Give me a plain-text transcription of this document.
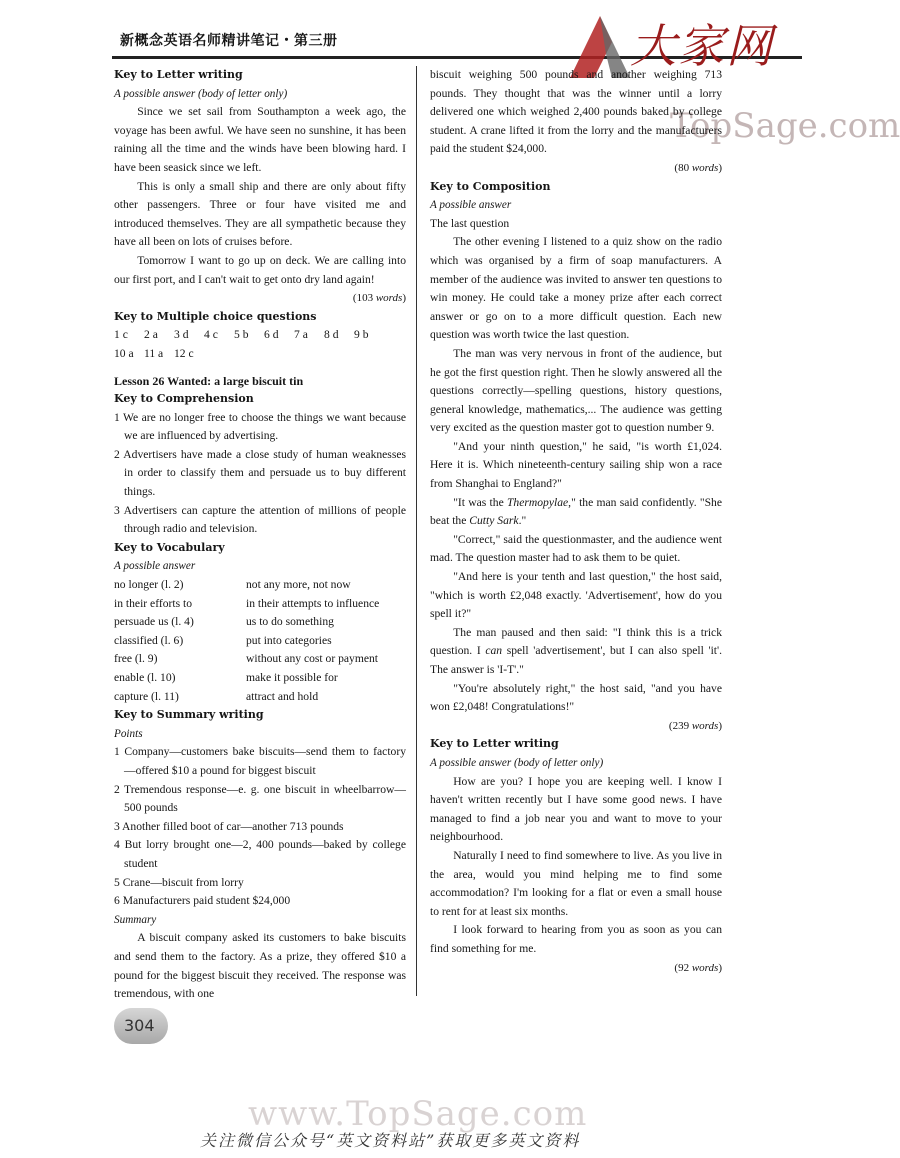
新概念英语名师精讲笔记・第三册	大家网
TopSage.com
Key to Letter writing
A possible answer (body of letter only)
Since we set sail from Southampton a week ago, the voyage has been awful. We have seen no sunshine, it has been raining all the time and the winds have been blowing hard. I have been seasick since we left.
This is only a small ship and there are only about fifty other passengers. Three or four have visited me and introduced themselves. They are all sympathetic because they have all been on lots of cruises before.
Tomorrow I want to go up on deck. We are calling into our first port, and I can't wait to get onto dry land again!
(103 words)
Key to Multiple choice questions
1 c 2 a 3 d 4 c 5 b 6 d 7 a 8 d 9 b
10 a 11 a 12 c
Lesson 26 Wanted: a large biscuit tin
Key to Comprehension
1 We are no longer free to choose the things we want because we are influenced by advertising.
2 Advertisers have made a close study of human weaknesses in order to classify them and persuade us to buy different things.
3 Advertisers can capture the attention of millions of people through radio and television.
Key to Vocabulary
A possible answer
no longer (l. 2)	not any more, not now
in their efforts to	in their attempts to influence
persuade us (l. 4)	us to do something
classified (l. 6)	put into categories
free (l. 9)	without any cost or payment
enable (l. 10)	make it possible for
capture (l. 11)	attract and hold
Key to Summary writing
Points
1 Company—customers bake biscuits—send them to factory—offered $10 a pound for biggest biscuit
2 Tremendous response—e. g. one biscuit in wheelbarrow—500 pounds
3 Another filled boot of car—another 713 pounds
4 But lorry brought one—2, 400 pounds—baked by college student
5 Crane—biscuit from lorry
6 Manufacturers paid student $24,000
Summary
A biscuit company asked its customers to bake biscuits and send them to the factory. As a prize, they offered $10 a pound for the biggest biscuit they received. The response was tremendous, with one
biscuit weighing 500 pounds and another weighing 713 pounds. They thought that was the winner until a lorry delivered one which weighed 2,400 pounds baked by college student. A crane lifted it from the lorry and the manufacturers paid the student $24,000.
(80 words)
Key to Composition
A possible answer
The last question
The other evening I listened to a quiz show on the radio which was organised by a firm of soap manufacturers. A member of the audience was invited to answer ten questions to win money. He could take a money prize after each correct answer or go on to a more difficult question. Each new question was worth twice the last question.
The man was very nervous in front of the audience, but he got the first question right. Then he slowly answered all the questions correctly—spelling questions, history questions, general knowledge, mathematics,... The audience was getting very excited as the question master got to question number 9.
"And your ninth question," he said, "is worth £1,024. Here it is. Which nineteenth-century sailing ship won a race from Shanghai to England?"
"It was the Thermopylae," the man said confidently. "She beat the Cutty Sark."
"Correct," said the questionmaster, and the audience went mad. The question master had to ask them to be quiet.
"And here is your tenth and last question," the host said, "which is worth £2,048 exactly. 'Advertisement', how do you spell it?"
The man paused and then said: "I think this is a trick question. I can spell 'advertisement', but I can also spell 'it'. The answer is 'I-T'."
"You're absolutely right," the host said, "and you have won £2,048! Congratulations!"
(239 words)
Key to Letter writing
A possible answer (body of letter only)
How are you? I hope you are keeping well. I know I haven't written recently but I have some good news. I have managed to find a job near you and want to move to your neighbourhood.
Naturally I need to find somewhere to live. As you live in the area, would you mind helping me to find some accommodation? I'm looking for a flat or even a small house to rent for at least six months.
I look forward to hearing from you as soon as you can find something for me.
(92 words)
304
www.TopSage.com
关注微信公众号“英文资料站”获取更多英文资料
